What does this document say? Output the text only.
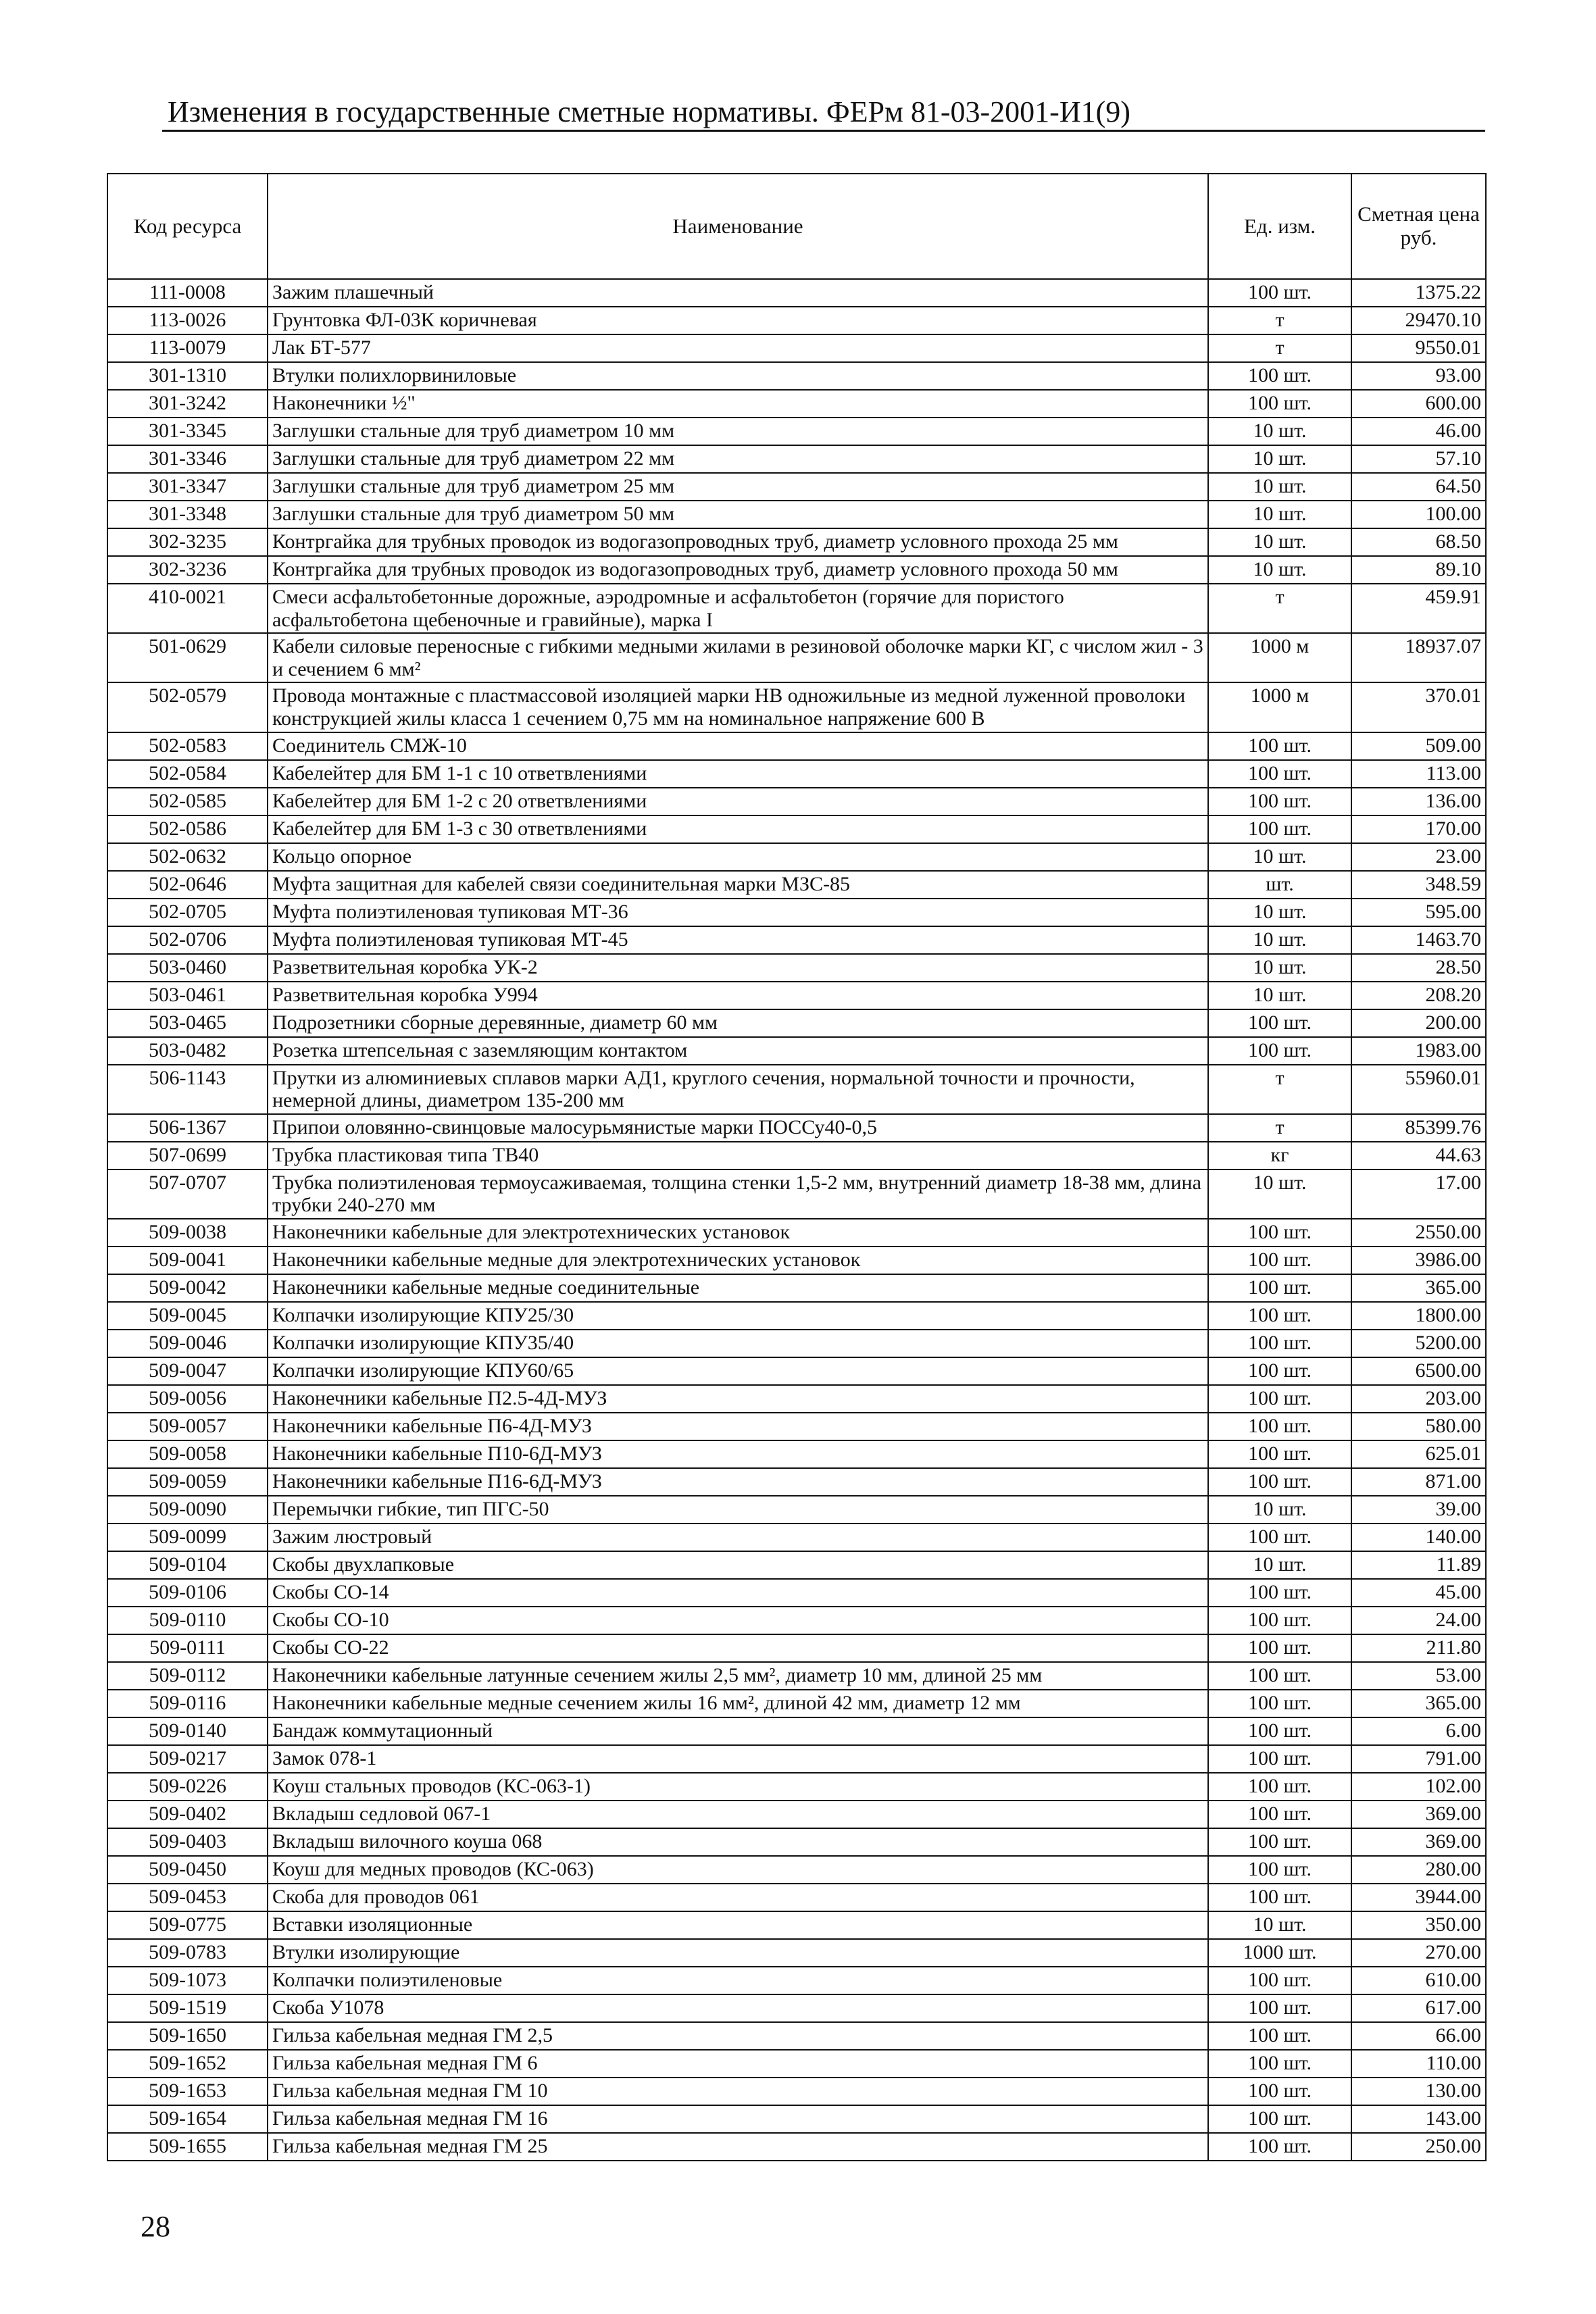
Изменения в государственные сметные нормативы. ФЕРм 81-03-2001-И1(9)
Код ресурса	Наименование	Ед. изм.	Сметная цена руб.
111-0008	Зажим плашечный	100 шт.	1375.22
113-0026	Грунтовка ФЛ-03К коричневая	т	29470.10
113-0079	Лак БТ-577	т	9550.01
301-1310	Втулки полихлорвиниловые	100 шт.	93.00
301-3242	Наконечники ½"	100 шт.	600.00
301-3345	Заглушки стальные для труб диаметром 10 мм	10 шт.	46.00
301-3346	Заглушки стальные для труб диаметром 22 мм	10 шт.	57.10
301-3347	Заглушки стальные для труб диаметром 25 мм	10 шт.	64.50
301-3348	Заглушки стальные для труб диаметром 50 мм	10 шт.	100.00
302-3235	Контргайка для трубных проводок из водогазопроводных труб, диаметр условного прохода 25 мм	10 шт.	68.50
302-3236	Контргайка для трубных проводок из водогазопроводных труб, диаметр условного прохода 50 мм	10 шт.	89.10
410-0021	Смеси асфальтобетонные дорожные, аэродромные и асфальтобетон (горячие для пористого асфальтобетона щебеночные и гравийные), марка I	т	459.91
501-0629	Кабели силовые переносные с гибкими медными жилами в резиновой оболочке марки КГ, с числом жил - 3 и сечением 6 мм²	1000 м	18937.07
502-0579	Провода монтажные с пластмассовой изоляцией марки НВ одножильные из медной луженной проволоки конструкцией жилы класса 1 сечением 0,75 мм на номинальное напряжение 600 В	1000 м	370.01
502-0583	Соединитель СМЖ-10	100 шт.	509.00
502-0584	Кабелейтер для БМ 1-1 с 10 ответвлениями	100 шт.	113.00
502-0585	Кабелейтер для БМ 1-2 с 20 ответвлениями	100 шт.	136.00
502-0586	Кабелейтер для БМ 1-3 с 30 ответвлениями	100 шт.	170.00
502-0632	Кольцо опорное	10 шт.	23.00
502-0646	Муфта защитная для кабелей связи соединительная марки МЗС-85	шт.	348.59
502-0705	Муфта полиэтиленовая тупиковая МТ-36	10 шт.	595.00
502-0706	Муфта полиэтиленовая тупиковая МТ-45	10 шт.	1463.70
503-0460	Разветвительная коробка УК-2	10 шт.	28.50
503-0461	Разветвительная коробка У994	10 шт.	208.20
503-0465	Подрозетники сборные деревянные, диаметр 60 мм	100 шт.	200.00
503-0482	Розетка штепсельная с заземляющим контактом	100 шт.	1983.00
506-1143	Прутки из алюминиевых сплавов марки АД1, круглого сечения, нормальной точности и прочности, немерной длины, диаметром 135-200 мм	т	55960.01
506-1367	Припои оловянно-свинцовые малосурьмянистые марки ПОССу40-0,5	т	85399.76
507-0699	Трубка пластиковая типа ТВ40	кг	44.63
507-0707	Трубка полиэтиленовая термоусаживаемая, толщина стенки 1,5-2 мм, внутренний диаметр 18-38 мм, длина трубки 240-270 мм	10 шт.	17.00
509-0038	Наконечники кабельные для электротехнических установок	100 шт.	2550.00
509-0041	Наконечники кабельные медные для электротехнических установок	100 шт.	3986.00
509-0042	Наконечники кабельные медные соединительные	100 шт.	365.00
509-0045	Колпачки изолирующие КПУ25/30	100 шт.	1800.00
509-0046	Колпачки изолирующие КПУ35/40	100 шт.	5200.00
509-0047	Колпачки изолирующие КПУ60/65	100 шт.	6500.00
509-0056	Наконечники кабельные П2.5-4Д-МУЗ	100 шт.	203.00
509-0057	Наконечники кабельные П6-4Д-МУЗ	100 шт.	580.00
509-0058	Наконечники кабельные П10-6Д-МУЗ	100 шт.	625.01
509-0059	Наконечники кабельные П16-6Д-МУЗ	100 шт.	871.00
509-0090	Перемычки гибкие, тип ПГС-50	10 шт.	39.00
509-0099	Зажим люстровый	100 шт.	140.00
509-0104	Скобы двухлапковые	10 шт.	11.89
509-0106	Скобы СО-14	100 шт.	45.00
509-0110	Скобы СО-10	100 шт.	24.00
509-0111	Скобы СО-22	100 шт.	211.80
509-0112	Наконечники кабельные латунные сечением жилы 2,5 мм², диаметр 10 мм, длиной 25 мм	100 шт.	53.00
509-0116	Наконечники кабельные медные сечением жилы 16 мм², длиной 42 мм, диаметр 12 мм	100 шт.	365.00
509-0140	Бандаж коммутационный	100 шт.	6.00
509-0217	Замок 078-1	100 шт.	791.00
509-0226	Коуш стальных проводов (КС-063-1)	100 шт.	102.00
509-0402	Вкладыш седловой 067-1	100 шт.	369.00
509-0403	Вкладыш вилочного коуша 068	100 шт.	369.00
509-0450	Коуш для медных проводов (КС-063)	100 шт.	280.00
509-0453	Скоба для проводов 061	100 шт.	3944.00
509-0775	Вставки изоляционные	10 шт.	350.00
509-0783	Втулки изолирующие	1000 шт.	270.00
509-1073	Колпачки полиэтиленовые	100 шт.	610.00
509-1519	Скоба У1078	100 шт.	617.00
509-1650	Гильза кабельная медная ГМ 2,5	100 шт.	66.00
509-1652	Гильза кабельная медная ГМ 6	100 шт.	110.00
509-1653	Гильза кабельная медная ГМ 10	100 шт.	130.00
509-1654	Гильза кабельная медная ГМ 16	100 шт.	143.00
509-1655	Гильза кабельная медная ГМ 25	100 шт.	250.00
28
